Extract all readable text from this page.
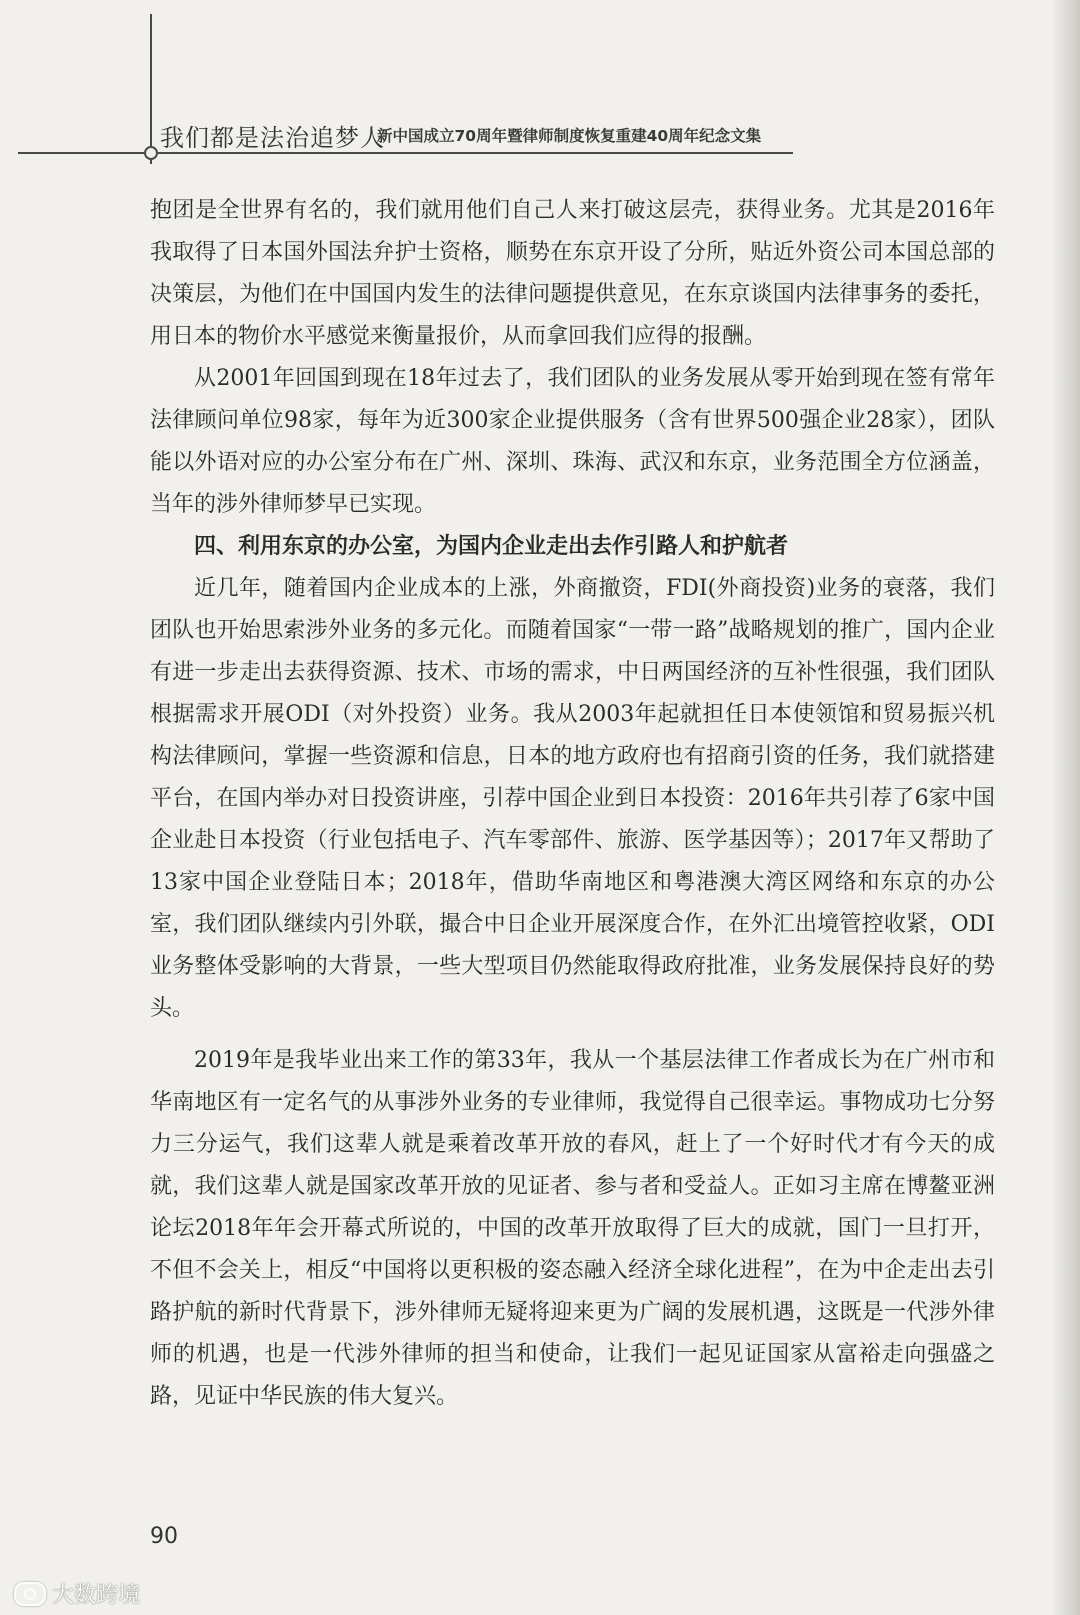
我们都是法治追梦人
新中国成立70周年暨律师制度恢复重建40周年纪念文集

抱团是全世界有名的，我们就用他们自己人来打破这层壳，获得业务。尤其是2016年我取得了日本国外国法弁护士资格，顺势在东京开设了分所，贴近外资公司本国总部的决策层，为他们在中国国内发生的法律问题提供意见，在东京谈国内法律事务的委托，用日本的物价水平感觉来衡量报价，从而拿回我们应得的报酬。

从2001年回国到现在18年过去了，我们团队的业务发展从零开始到现在签有常年法律顾问单位98家，每年为近300家企业提供服务（含有世界500强企业28家），团队能以外语对应的办公室分布在广州、深圳、珠海、武汉和东京，业务范围全方位涵盖，当年的涉外律师梦早已实现。

四、利用东京的办公室，为国内企业走出去作引路人和护航者

近几年，随着国内企业成本的上涨，外商撤资，FDI(外商投资)业务的衰落，我们团队也开始思索涉外业务的多元化。而随着国家“一带一路”战略规划的推广，国内企业有进一步走出去获得资源、技术、市场的需求，中日两国经济的互补性很强，我们团队根据需求开展ODI（对外投资）业务。我从2003年起就担任日本使领馆和贸易振兴机构法律顾问，掌握一些资源和信息，日本的地方政府也有招商引资的任务，我们就搭建平台，在国内举办对日投资讲座，引荐中国企业到日本投资：2016年共引荐了6家中国企业赴日本投资（行业包括电子、汽车零部件、旅游、医学基因等）；2017年又帮助了13家中国企业登陆日本；2018年，借助华南地区和粤港澳大湾区网络和东京的办公室，我们团队继续内引外联，撮合中日企业开展深度合作，在外汇出境管控收紧，ODI业务整体受影响的大背景，一些大型项目仍然能取得政府批准，业务发展保持良好的势头。

2019年是我毕业出来工作的第33年，我从一个基层法律工作者成长为在广州市和华南地区有一定名气的从事涉外业务的专业律师，我觉得自己很幸运。事物成功七分努力三分运气，我们这辈人就是乘着改革开放的春风，赶上了一个好时代才有今天的成就，我们这辈人就是国家改革开放的见证者、参与者和受益人。正如习主席在博鳌亚洲论坛2018年年会开幕式所说的，中国的改革开放取得了巨大的成就，国门一旦打开，不但不会关上，相反“中国将以更积极的姿态融入经济全球化进程”，在为中企走出去引路护航的新时代背景下，涉外律师无疑将迎来更为广阔的发展机遇，这既是一代涉外律师的机遇，也是一代涉外律师的担当和使命，让我们一起见证国家从富裕走向强盛之路，见证中华民族的伟大复兴。

90
大数跨境
